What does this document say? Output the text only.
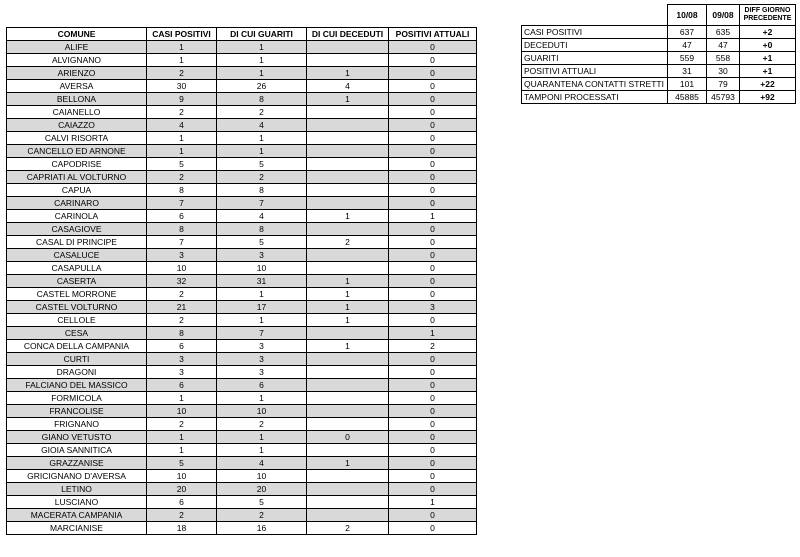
COMUNE	CASI POSITIVI	DI CUI GUARITI	DI CUI DECEDUTI	POSITIVI ATTUALI
ALIFE	1	1		0
ALVIGNANO	1	1		0
ARIENZO	2	1	1	0
AVERSA	30	26	4	0
BELLONA	9	8	1	0
CAIANELLO	2	2		0
CAIAZZO	4	4		0
CALVI RISORTA	1	1		0
CANCELLO ED ARNONE	1	1		0
CAPODRISE	5	5		0
CAPRIATI AL VOLTURNO	2	2		0
CAPUA	8	8		0
CARINARO	7	7		0
CARINOLA	6	4	1	1
CASAGIOVE	8	8		0
CASAL DI PRINCIPE	7	5	2	0
CASALUCE	3	3		0
CASAPULLA	10	10		0
CASERTA	32	31	1	0
CASTEL MORRONE	2	1	1	0
CASTEL VOLTURNO	21	17	1	3
CELLOLE	2	1	1	0
CESA	8	7		1
CONCA DELLA CAMPANIA	6	3	1	2
CURTI	3	3		0
DRAGONI	3	3		0
FALCIANO DEL MASSICO	6	6		0
FORMICOLA	1	1		0
FRANCOLISE	10	10		0
FRIGNANO	2	2		0
GIANO VETUSTO	1	1	0	0
GIOIA SANNITICA	1	1		0
GRAZZANISE	5	4	1	0
GRICIGNANO D'AVERSA	10	10		0
LETINO	20	20		0
LUSCIANO	6	5		1
MACERATA CAMPANIA	2	2		0
MARCIANISE	18	16	2	0
	10/08	09/08	DIFF GIORNO PRECEDENTE
CASI POSITIVI	637	635	+2
DECEDUTI	47	47	+0
GUARITI	559	558	+1
POSITIVI ATTUALI	31	30	+1
QUARANTENA CONTATTI STRETTI	101	79	+22
TAMPONI PROCESSATI	45885	45793	+92
